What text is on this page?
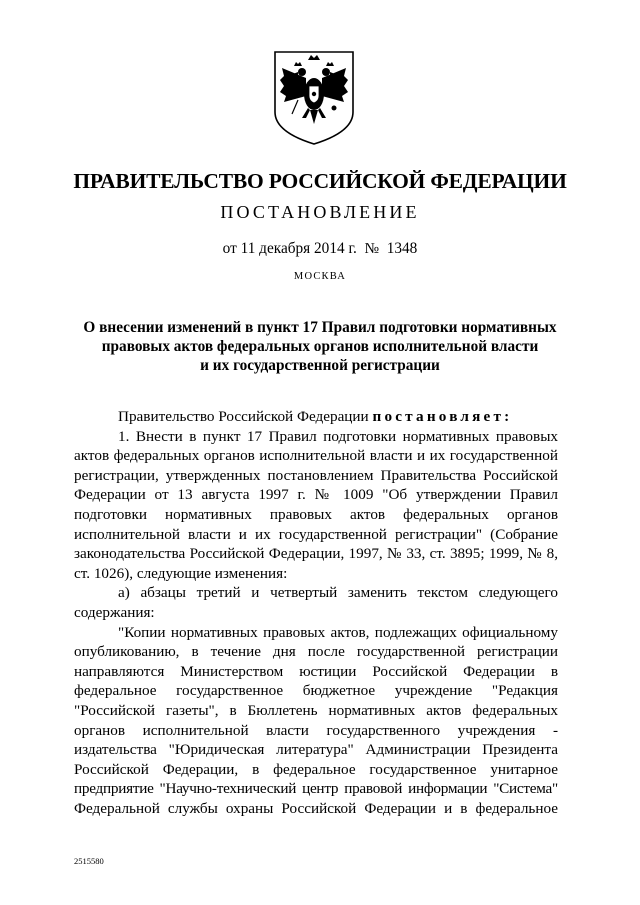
ПРАВИТЕЛЬСТВО РОССИЙСКОЙ ФЕДЕРАЦИИ
ПОСТАНОВЛЕНИЕ
от 11 декабря 2014 г.  №  1348
МОСКВА
О внесении изменений в пункт 17 Правил подготовки нормативных
правовых актов федеральных органов исполнительной власти
и их государственной регистрации
Правительство Российской Федерации постановляет:
1. Внести в пункт 17 Правил подготовки нормативных правовых
актов федеральных органов исполнительной власти и их государственной
регистрации, утвержденных постановлением Правительства Российской
Федерации от 13 августа 1997 г. № 1009 "Об утверждении Правил
подготовки нормативных правовых актов федеральных органов
исполнительной власти и их государственной регистрации" (Собрание
законодательства Российской Федерации, 1997, № 33, ст. 3895; 1999, № 8,
ст. 1026), следующие изменения:
а) абзацы третий и четвертый заменить текстом следующего
содержания:
"Копии нормативных правовых актов, подлежащих официальному
опубликованию, в течение дня после государственной регистрации
направляются Министерством юстиции Российской Федерации в
федеральное государственное бюджетное учреждение "Редакция
"Российской газеты", в Бюллетень нормативных актов федеральных
органов исполнительной власти государственного учреждения -
издательства "Юридическая литература" Администрации Президента
Российской Федерации, в федеральное государственное унитарное
предприятие "Научно-технический центр правовой информации "Система"
Федеральной службы охраны Российской Федерации и в федеральное
2515580
